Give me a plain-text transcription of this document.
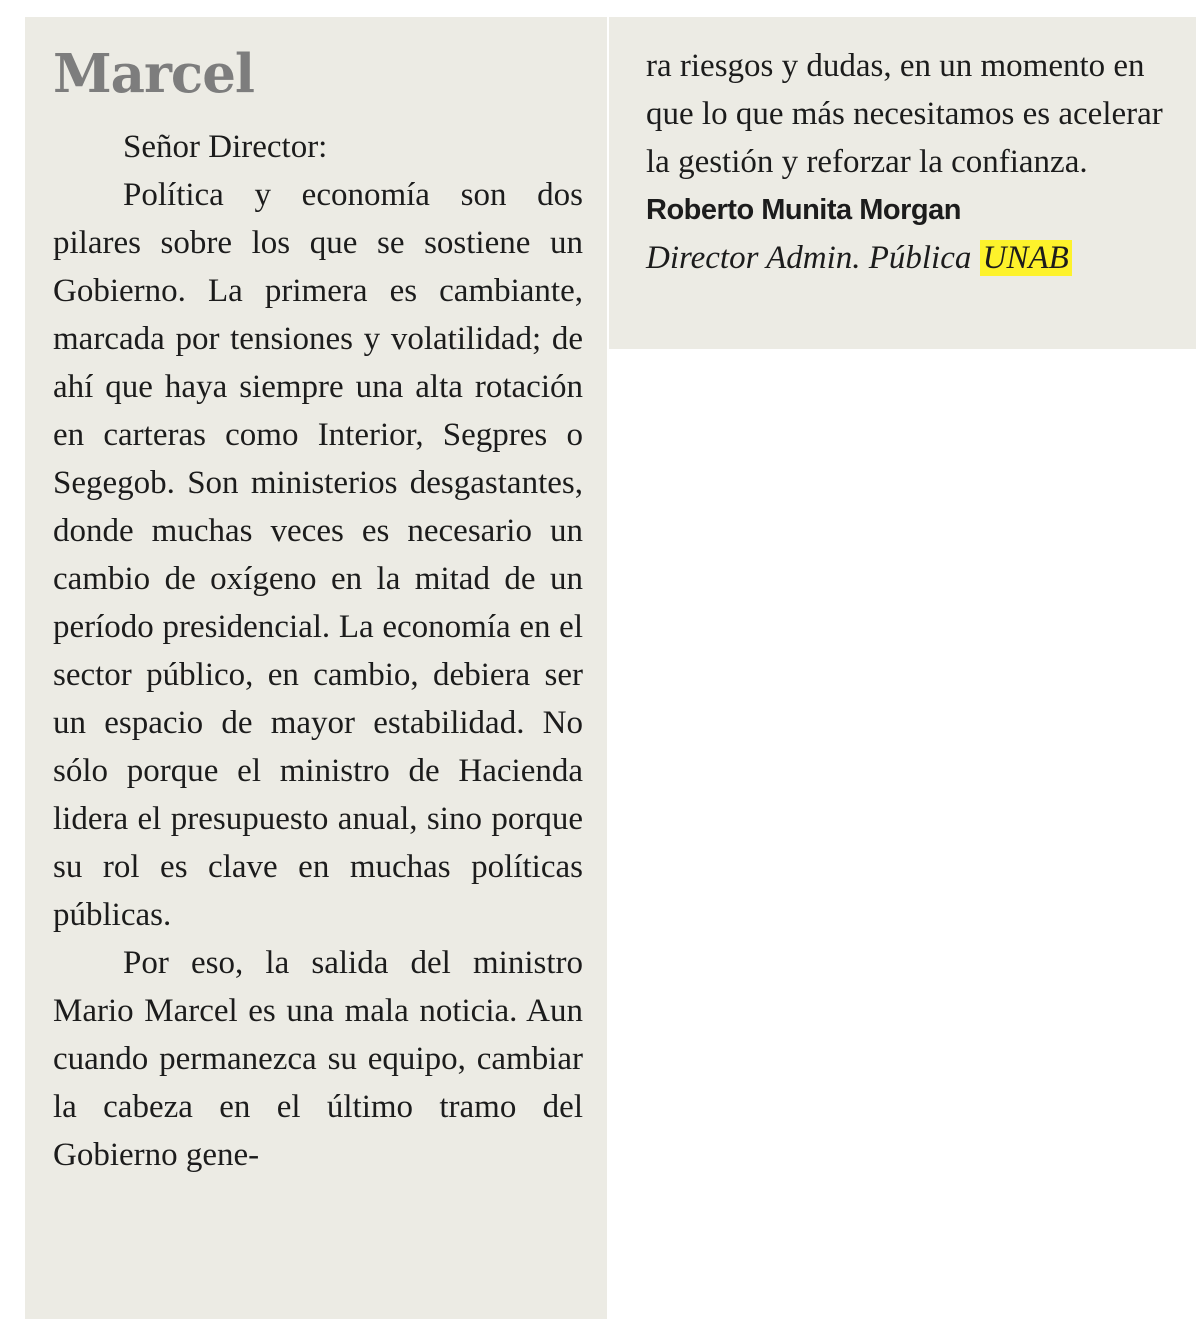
Marcel

Señor Director:

Política y economía son dos pilares sobre los que se sostiene un Gobierno. La primera es cambiante, marcada por tensiones y volatilidad; de ahí que haya siempre una alta rotación en carteras como Interior, Segpres o Segegob. Son ministerios desgastantes, donde muchas veces es necesario un cambio de oxígeno en la mitad de un período presidencial. La economía en el sector público, en cambio, debiera ser un espacio de mayor estabilidad. No sólo porque el ministro de Hacienda lidera el presupuesto anual, sino porque su rol es clave en muchas políticas públicas.

Por eso, la salida del ministro Mario Marcel es una mala noticia. Aun cuando permanezca su equipo, cambiar la cabeza en el último tramo del Gobierno gene-

ra riesgos y dudas, en un momento en que lo que más necesitamos es acelerar la gestión y reforzar la confianza.

Roberto Munita Morgan

Director Admin. Pública UNAB
